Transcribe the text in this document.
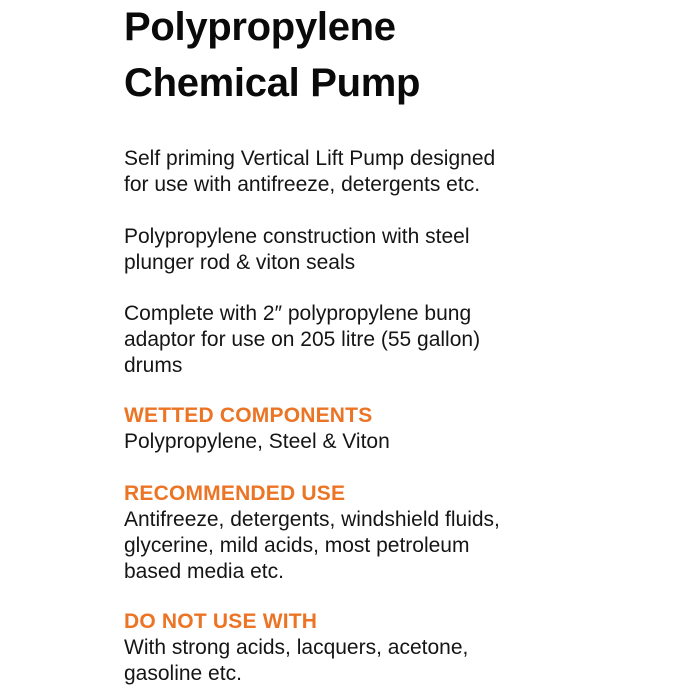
Polypropylene
Chemical Pump

Self priming Vertical Lift Pump designed
for use with antifreeze, detergents etc.

Polypropylene construction with steel
plunger rod & viton seals

Complete with 2″ polypropylene bung
adaptor for use on 205 litre (55 gallon)
drums

WETTED COMPONENTS
Polypropylene, Steel & Viton
RECOMMENDED USE
Antifreeze, detergents, windshield fluids,
glycerine, mild acids, most petroleum
based media etc.
DO NOT USE WITH
With strong acids, lacquers, acetone,
gasoline etc.
